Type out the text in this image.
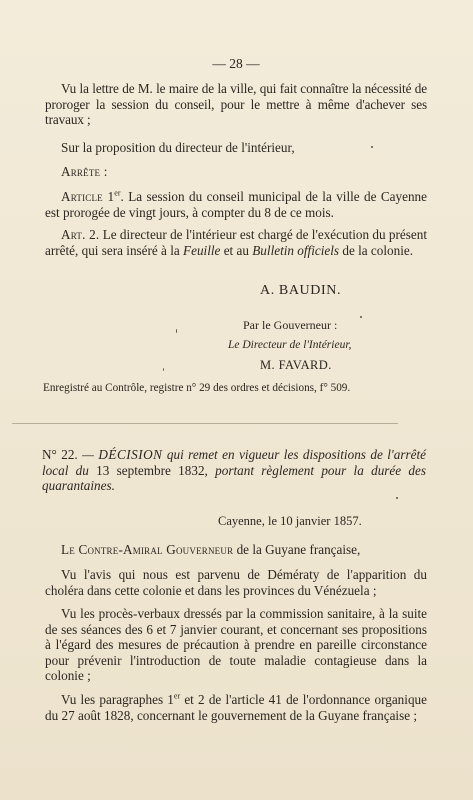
— 28 —

Vu la lettre de M. le maire de la ville, qui fait connaître la nécessité de proroger la session du conseil, pour le mettre à même d'achever ses travaux ;

Sur la proposition du directeur de l'intérieur,

Arrête :

Article 1er. La session du conseil municipal de la ville de Cayenne est prorogée de vingt jours, à compter du 8 de ce mois.

Art. 2. Le directeur de l'intérieur est chargé de l'exécution du présent arrêté, qui sera inséré à la Feuille et au Bulletin officiels de la colonie.

A. BAUDIN.
Par le Gouverneur :
Le Directeur de l'Intérieur,
M. FAVARD.
Enregistré au Contrôle, registre n° 29 des ordres et décisions, f° 509.

N° 22. — DÉCISION qui remet en vigueur les dispositions de l'arrêté local du 13 septembre 1832, portant règlement pour la durée des quarantaines.

Cayenne, le 10 janvier 1857.

Le Contre-Amiral Gouverneur de la Guyane française,

Vu l'avis qui nous est parvenu de Démératy de l'apparition du choléra dans cette colonie et dans les provinces du Vénézuela ;

Vu les procès-verbaux dressés par la commission sanitaire, à la suite de ses séances des 6 et 7 janvier courant, et concernant ses propositions à l'égard des mesures de précaution à prendre en pareille circonstance pour prévenir l'introduction de toute maladie contagieuse dans la colonie ;

Vu les paragraphes 1er et 2 de l'article 41 de l'ordonnance organique du 27 août 1828, concernant le gouvernement de la Guyane française ;
